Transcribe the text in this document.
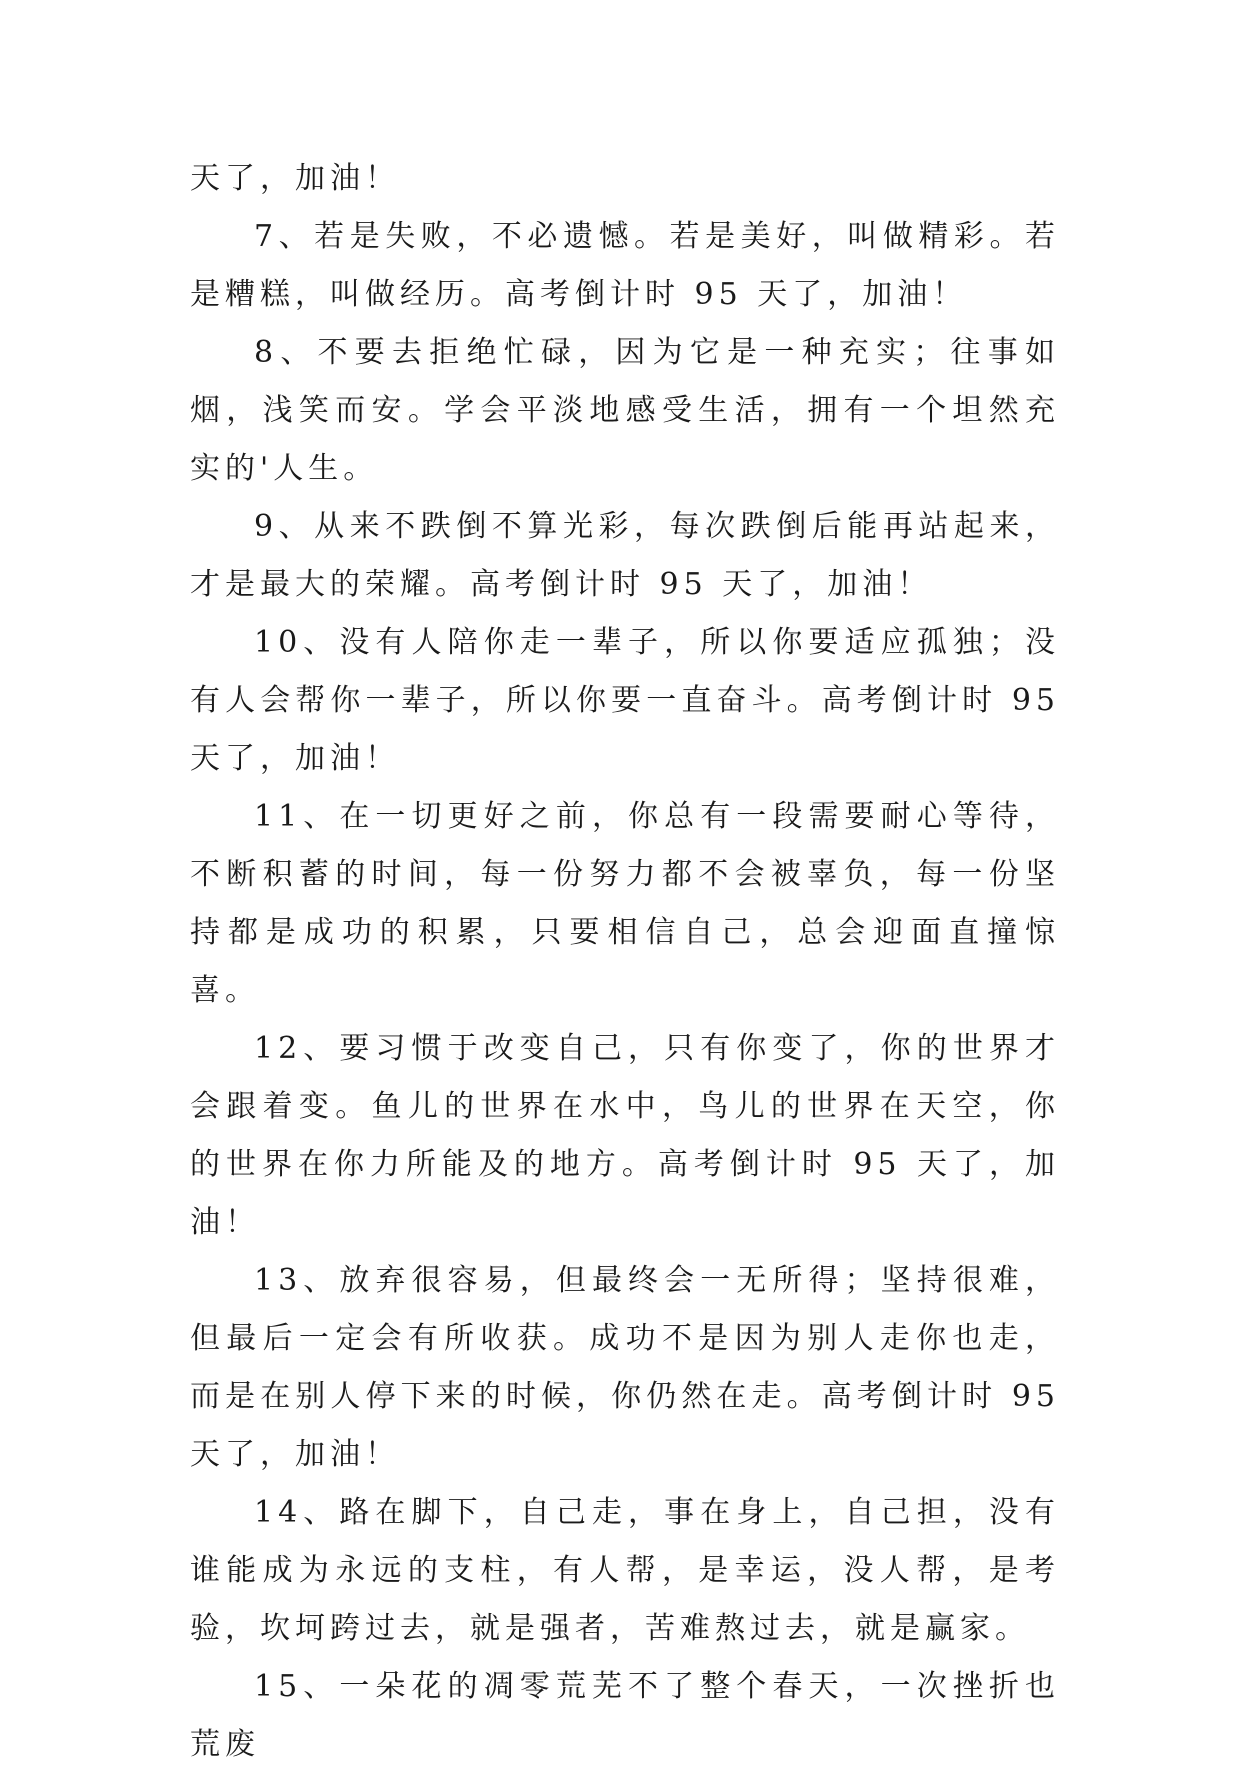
天了，加油！

7、若是失败，不必遗憾。若是美好，叫做精彩。若是糟糕，叫做经历。高考倒计时 95 天了，加油！

8、不要去拒绝忙碌，因为它是一种充实；往事如烟，浅笑而安。学会平淡地感受生活，拥有一个坦然充实的'人生。

9、从来不跌倒不算光彩，每次跌倒后能再站起来，才是最大的荣耀。高考倒计时 95 天了，加油！

10、没有人陪你走一辈子，所以你要适应孤独；没有人会帮你一辈子，所以你要一直奋斗。高考倒计时 95 天了，加油！

11、在一切更好之前，你总有一段需要耐心等待，不断积蓄的时间，每一份努力都不会被辜负，每一份坚持都是成功的积累，只要相信自己，总会迎面直撞惊喜。

12、要习惯于改变自己，只有你变了，你的世界才会跟着变。鱼儿的世界在水中，鸟儿的世界在天空，你的世界在你力所能及的地方。高考倒计时 95 天了，加油！

13、放弃很容易，但最终会一无所得；坚持很难，但最后一定会有所收获。成功不是因为别人走你也走，而是在别人停下来的时候，你仍然在走。高考倒计时 95 天了，加油！

14、路在脚下，自己走，事在身上，自己担，没有谁能成为永远的支柱，有人帮，是幸运，没人帮，是考验，坎坷跨过去，就是强者，苦难熬过去，就是赢家。

15、一朵花的凋零荒芜不了整个春天，一次挫折也荒废
